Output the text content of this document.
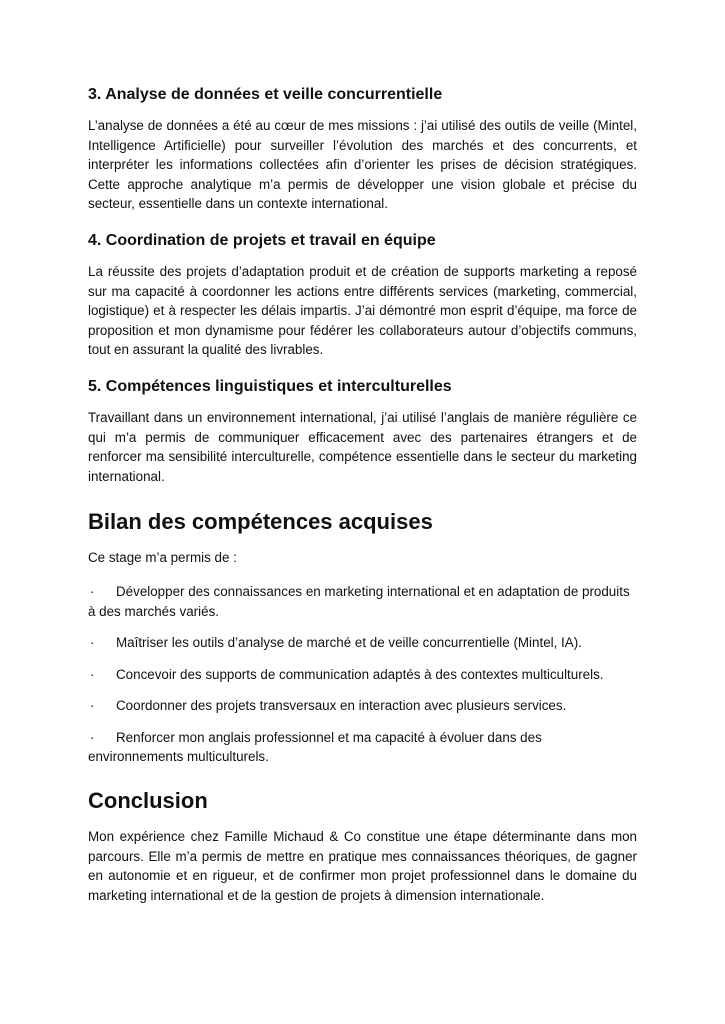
3. Analyse de données et veille concurrentielle

L’analyse de données a été au cœur de mes missions : j’ai utilisé des outils de veille (Mintel, Intelligence Artificielle) pour surveiller l’évolution des marchés et des concurrents, et interpréter les informations collectées afin d’orienter les prises de décision stratégiques. Cette approche analytique m’a permis de développer une vision globale et précise du secteur, essentielle dans un contexte international.

4. Coordination de projets et travail en équipe

La réussite des projets d’adaptation produit et de création de supports marketing a reposé sur ma capacité à coordonner les actions entre différents services (marketing, commercial, logistique) et à respecter les délais impartis. J’ai démontré mon esprit d’équipe, ma force de proposition et mon dynamisme pour fédérer les collaborateurs autour d’objectifs communs, tout en assurant la qualité des livrables.

5. Compétences linguistiques et interculturelles

Travaillant dans un environnement international, j’ai utilisé l’anglais de manière régulière ce qui m’a permis de communiquer efficacement avec des partenaires étrangers et de renforcer ma sensibilité interculturelle, compétence essentielle dans le secteur du marketing international.

Bilan des compétences acquises

Ce stage m’a permis de :

· Développer des connaissances en marketing international et en adaptation de produits à des marchés variés.
· Maîtriser les outils d’analyse de marché et de veille concurrentielle (Mintel, IA).
· Concevoir des supports de communication adaptés à des contextes multiculturels.
· Coordonner des projets transversaux en interaction avec plusieurs services.
· Renforcer mon anglais professionnel et ma capacité à évoluer dans des environnements multiculturels.
Conclusion

Mon expérience chez Famille Michaud & Co constitue une étape déterminante dans mon parcours. Elle m’a permis de mettre en pratique mes connaissances théoriques, de gagner en autonomie et en rigueur, et de confirmer mon projet professionnel dans le domaine du marketing international et de la gestion de projets à dimension internationale.
